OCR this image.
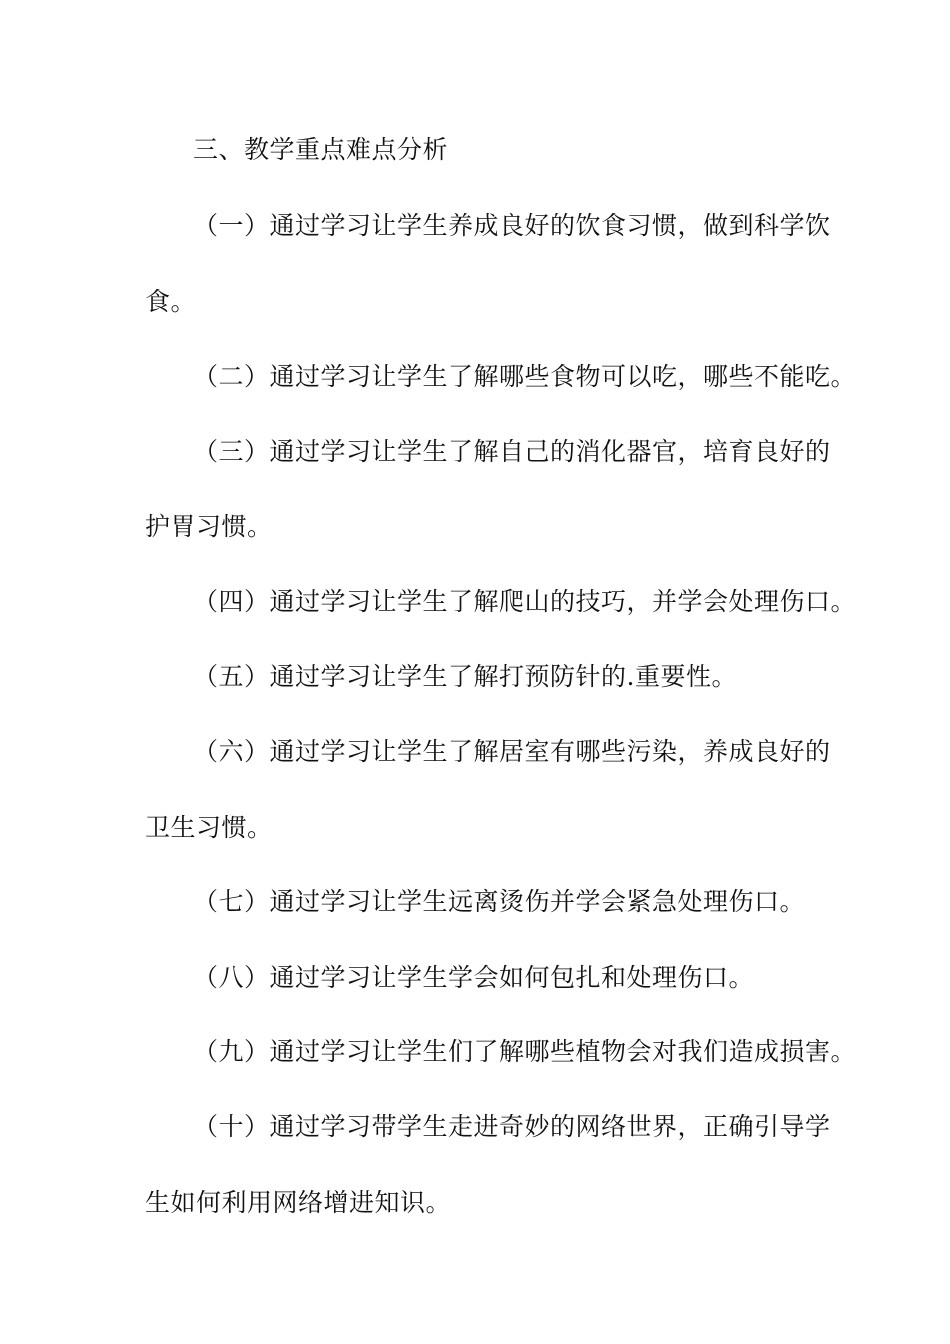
三、教学重点难点分析
（一）通过学习让学生养成良好的饮食习惯，做到科学饮
食。
（二）通过学习让学生了解哪些食物可以吃，哪些不能吃。
（三）通过学习让学生了解自己的消化器官，培育良好的
护胃习惯。
（四）通过学习让学生了解爬山的技巧，并学会处理伤口。
（五）通过学习让学生了解打预防针的.重要性。
（六）通过学习让学生了解居室有哪些污染，养成良好的
卫生习惯。
（七）通过学习让学生远离烫伤并学会紧急处理伤口。
（八）通过学习让学生学会如何包扎和处理伤口。
（九）通过学习让学生们了解哪些植物会对我们造成损害。
（十）通过学习带学生走进奇妙的网络世界，正确引导学
生如何利用网络增进知识。
